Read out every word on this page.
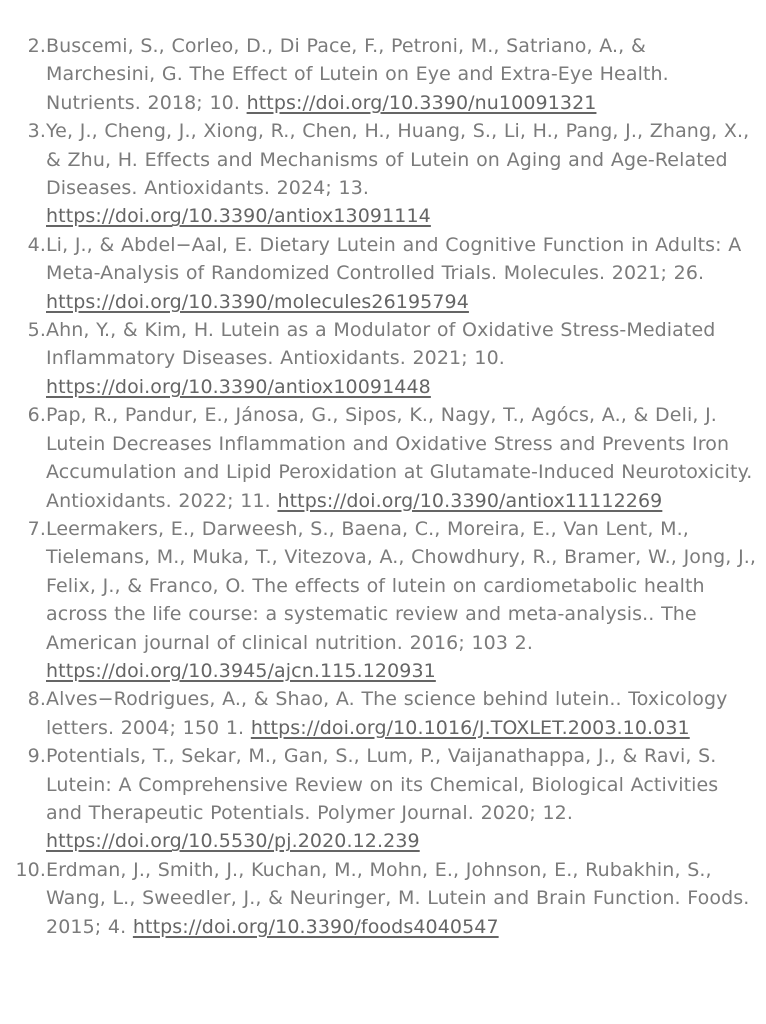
2. Buscemi, S., Corleo, D., Di Pace, F., Petroni, M., Satriano, A., & Marchesini, G. The Effect of Lutein on Eye and Extra-Eye Health. Nutrients. 2018; 10. https://doi.org/10.3390/nu10091321
3. Ye, J., Cheng, J., Xiong, R., Chen, H., Huang, S., Li, H., Pang, J., Zhang, X., & Zhu, H. Effects and Mechanisms of Lutein on Aging and Age-Related Diseases. Antioxidants. 2024; 13. https://doi.org/10.3390/antiox13091114
4. Li, J., & Abdel−Aal, E. Dietary Lutein and Cognitive Function in Adults: A Meta-Analysis of Randomized Controlled Trials. Molecules. 2021; 26. https://doi.org/10.3390/molecules26195794
5. Ahn, Y., & Kim, H. Lutein as a Modulator of Oxidative Stress-Mediated Inflammatory Diseases. Antioxidants. 2021; 10. https://doi.org/10.3390/antiox10091448
6. Pap, R., Pandur, E., Jánosa, G., Sipos, K., Nagy, T., Agócs, A., & Deli, J. Lutein Decreases Inflammation and Oxidative Stress and Prevents Iron Accumulation and Lipid Peroxidation at Glutamate-Induced Neurotoxicity. Antioxidants. 2022; 11. https://doi.org/10.3390/antiox11112269
7. Leermakers, E., Darweesh, S., Baena, C., Moreira, E., Van Lent, M., Tielemans, M., Muka, T., Vitezova, A., Chowdhury, R., Bramer, W., Jong, J., Felix, J., & Franco, O. The effects of lutein on cardiometabolic health across the life course: a systematic review and meta-analysis.. The American journal of clinical nutrition. 2016; 103 2. https://doi.org/10.3945/ajcn.115.120931
8. Alves−Rodrigues, A., & Shao, A. The science behind lutein.. Toxicology letters. 2004; 150 1. https://doi.org/10.1016/J.TOXLET.2003.10.031
9. Potentials, T., Sekar, M., Gan, S., Lum, P., Vaijanathappa, J., & Ravi, S. Lutein: A Comprehensive Review on its Chemical, Biological Activities and Therapeutic Potentials. Polymer Journal. 2020; 12. https://doi.org/10.5530/pj.2020.12.239
10. Erdman, J., Smith, J., Kuchan, M., Mohn, E., Johnson, E., Rubakhin, S., Wang, L., Sweedler, J., & Neuringer, M. Lutein and Brain Function. Foods. 2015; 4. https://doi.org/10.3390/foods4040547
